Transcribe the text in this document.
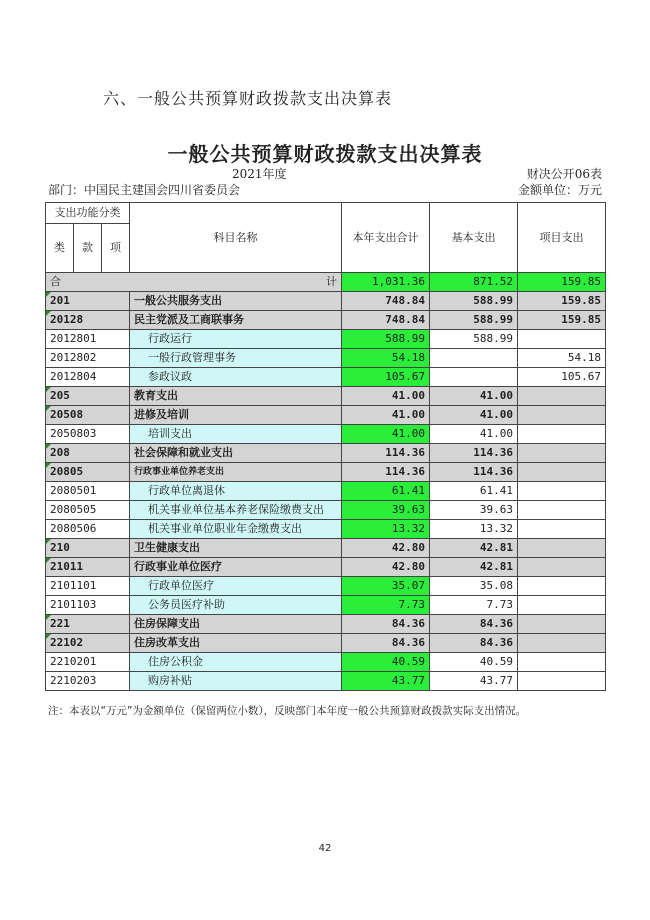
六、一般公共预算财政拨款支出决算表
一般公共预算财政拨款支出决算表
2021年度	财决公开06表
部门：中国民主建国会四川省委员会	金额单位：万元
支出功能分类			科目名称	本年支出合计	基本支出	项目支出
类	款	项				

合 计				1,031.36	871.52	159.85
201			一般公共服务支出	748.84	588.99	159.85
20128			民主党派及工商联事务	748.84	588.99	159.85
2012801			行政运行	588.99	588.99	
2012802			一般行政管理事务	54.18		54.18
2012804			参政议政	105.67		105.67
205			教育支出	41.00	41.00	
20508			进修及培训	41.00	41.00	
2050803			培训支出	41.00	41.00	
208			社会保障和就业支出	114.36	114.36	
20805			行政事业单位养老支出	114.36	114.36	
2080501			行政单位离退休	61.41	61.41	
2080505			机关事业单位基本养老保险缴费支出	39.63	39.63	
2080506			机关事业单位职业年金缴费支出	13.32	13.32	
210			卫生健康支出	42.80	42.81	
21011			行政事业单位医疗	42.80	42.81	
2101101			行政单位医疗	35.07	35.08	
2101103			公务员医疗补助	7.73	7.73	
221			住房保障支出	84.36	84.36	
22102			住房改革支出	84.36	84.36	
2210201			住房公积金	40.59	40.59	
2210203			购房补贴	43.77	43.77	
注：本表以“万元”为金额单位（保留两位小数），反映部门本年度一般公共预算财政拨款实际支出情况。
42
